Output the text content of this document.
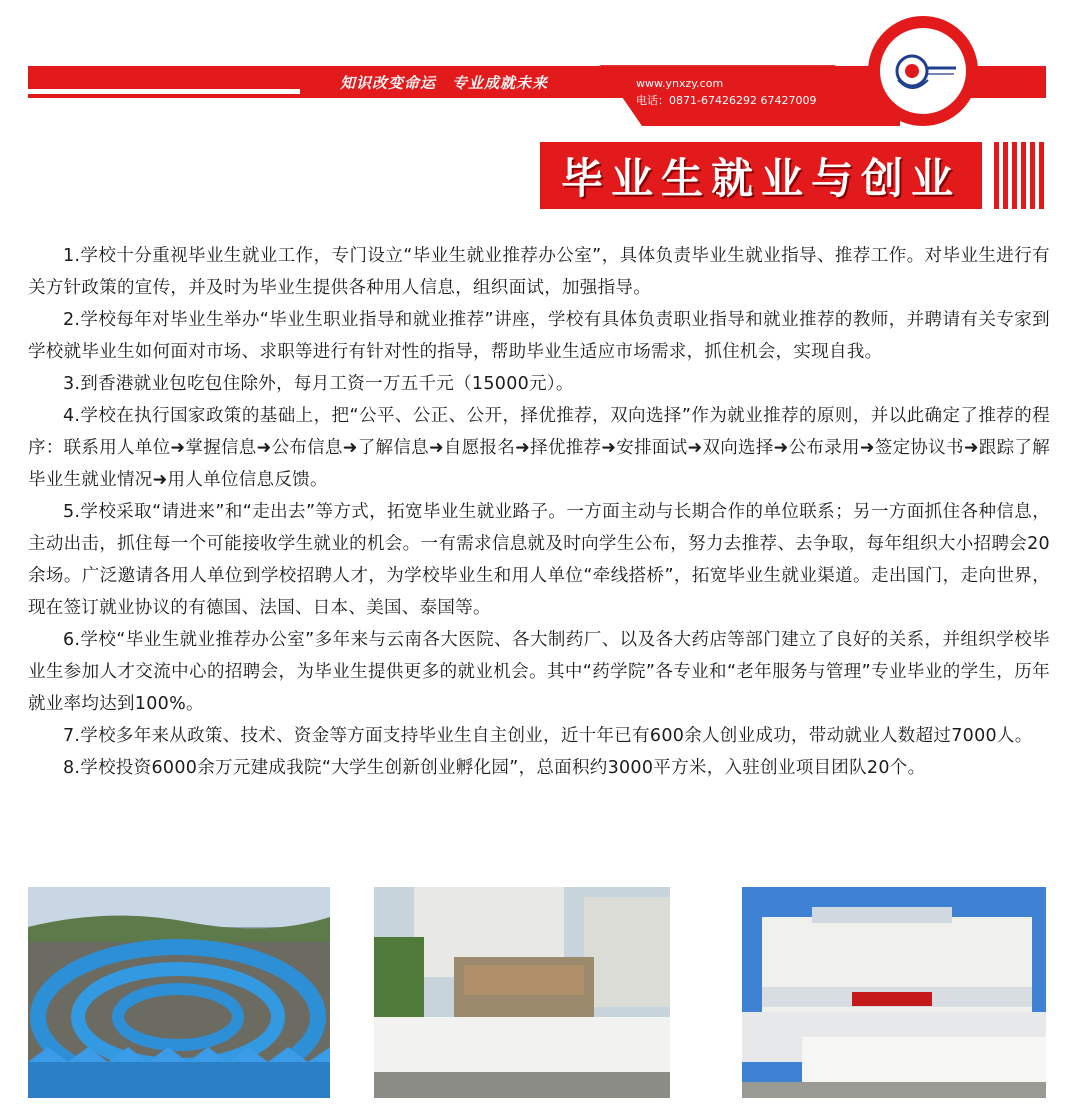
知识改变命运　专业成就未来	www.ynxzy.com
电话：0871-67426292 67427009
毕业生就业与创业

1.学校十分重视毕业生就业工作，专门设立“毕业生就业推荐办公室”，具体负责毕业生就业指导、推荐工作。对毕业生进行有关方针政策的宣传，并及时为毕业生提供各种用人信息，组织面试，加强指导。

2.学校每年对毕业生举办“毕业生职业指导和就业推荐”讲座，学校有具体负责职业指导和就业推荐的教师，并聘请有关专家到学校就毕业生如何面对市场、求职等进行有针对性的指导，帮助毕业生适应市场需求，抓住机会，实现自我。

3.到香港就业包吃包住除外，每月工资一万五千元（15000元）。

4.学校在执行国家政策的基础上，把“公平、公正、公开，择优推荐，双向选择”作为就业推荐的原则，并以此确定了推荐的程序：联系用人单位➜掌握信息➜公布信息➜了解信息➜自愿报名➜择优推荐➜安排面试➜双向选择➜公布录用➜签定协议书➜跟踪了解毕业生就业情况➜用人单位信息反馈。

5.学校采取“请进来”和“走出去”等方式，拓宽毕业生就业路子。一方面主动与长期合作的单位联系；另一方面抓住各种信息，主动出击，抓住每一个可能接收学生就业的机会。一有需求信息就及时向学生公布，努力去推荐、去争取，每年组织大小招聘会20余场。广泛邀请各用人单位到学校招聘人才，为学校毕业生和用人单位“牵线搭桥”，拓宽毕业生就业渠道。走出国门，走向世界，现在签订就业协议的有德国、法国、日本、美国、泰国等。

6.学校“毕业生就业推荐办公室”多年来与云南各大医院、各大制药厂、以及各大药店等部门建立了良好的关系，并组织学校毕业生参加人才交流中心的招聘会，为毕业生提供更多的就业机会。其中“药学院”各专业和“老年服务与管理”专业毕业的学生，历年就业率均达到100%。

7.学校多年来从政策、技术、资金等方面支持毕业生自主创业，近十年已有600余人创业成功，带动就业人数超过7000人。

8.学校投资6000余万元建成我院“大学生创新创业孵化园”，总面积约3000平方米，入驻创业项目团队20个。
